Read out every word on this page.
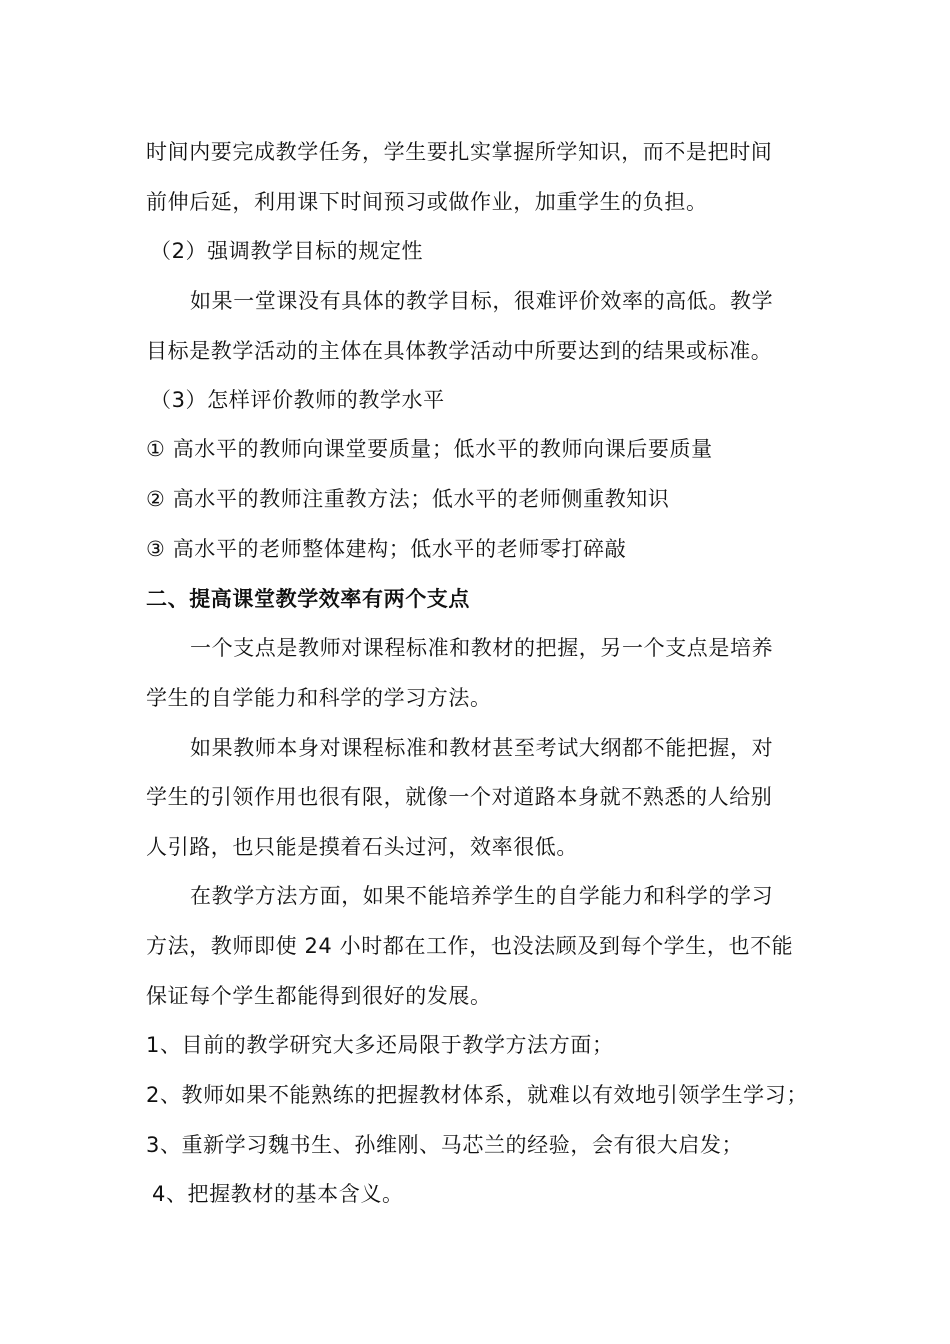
时间内要完成教学任务，学生要扎实掌握所学知识，而不是把时间
前伸后延，利用课下时间预习或做作业，加重学生的负担。
（2）强调教学目标的规定性
如果一堂课没有具体的教学目标，很难评价效率的高低。教学
目标是教学活动的主体在具体教学活动中所要达到的结果或标准。
（3）怎样评价教师的教学水平
① 高水平的教师向课堂要质量；低水平的教师向课后要质量
② 高水平的教师注重教方法；低水平的老师侧重教知识
③ 高水平的老师整体建构；低水平的老师零打碎敲
二、提高课堂教学效率有两个支点
一个支点是教师对课程标准和教材的把握，另一个支点是培养
学生的自学能力和科学的学习方法。
如果教师本身对课程标准和教材甚至考试大纲都不能把握，对
学生的引领作用也很有限，就像一个对道路本身就不熟悉的人给别
人引路，也只能是摸着石头过河，效率很低。
在教学方法方面，如果不能培养学生的自学能力和科学的学习
方法，教师即使 24 小时都在工作，也没法顾及到每个学生，也不能
保证每个学生都能得到很好的发展。
1、目前的教学研究大多还局限于教学方法方面；
2、教师如果不能熟练的把握教材体系，就难以有效地引领学生学习；
3、重新学习魏书生、孙维刚、马芯兰的经验，会有很大启发；
4、把握教材的基本含义。
